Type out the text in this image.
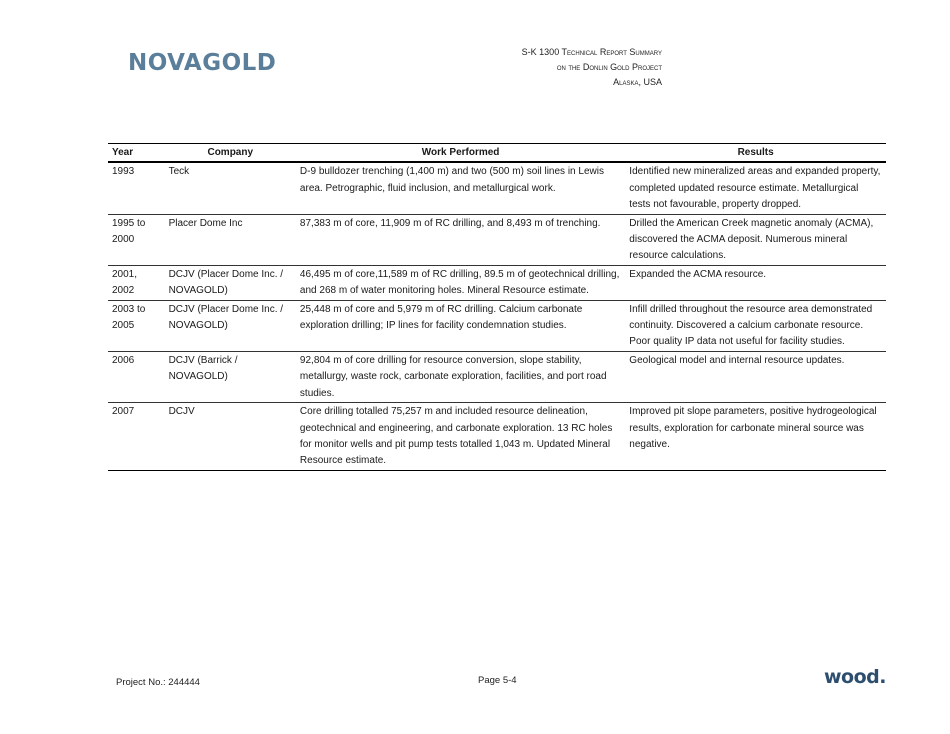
NOVAGOLD	S-K 1300 Technical Report Summary
on the Donlin Gold Project
Alaska, USA
Year	Company	Work Performed	Results
1993	Teck	D-9 bulldozer trenching (1,400 m) and two (500 m) soil lines in Lewis area. Petrographic, fluid inclusion, and metallurgical work.	Identified new mineralized areas and expanded property, completed updated resource estimate. Metallurgical tests not favourable, property dropped.
1995 to 2000	Placer Dome Inc	87,383 m of core, 11,909 m of RC drilling, and 8,493 m of trenching.	Drilled the American Creek magnetic anomaly (ACMA), discovered the ACMA deposit. Numerous mineral resource calculations.
2001, 2002	DCJV (Placer Dome Inc. / NOVAGOLD)	46,495 m of core,11,589 m of RC drilling, 89.5 m of geotechnical drilling, and 268 m of water monitoring holes. Mineral Resource estimate.	Expanded the ACMA resource.
2003 to 2005	DCJV (Placer Dome Inc. / NOVAGOLD)	25,448 m of core and 5,979 m of RC drilling. Calcium carbonate exploration drilling; IP lines for facility condemnation studies.	Infill drilled throughout the resource area demonstrated continuity. Discovered a calcium carbonate resource. Poor quality IP data not useful for facility studies.
2006	DCJV (Barrick / NOVAGOLD)	92,804 m of core drilling for resource conversion, slope stability, metallurgy, waste rock, carbonate exploration, facilities, and port road studies.	Geological model and internal resource updates.
2007	DCJV	Core drilling totalled 75,257 m and included resource delineation, geotechnical and engineering, and carbonate exploration. 13 RC holes for monitor wells and pit pump tests totalled 1,043 m. Updated Mineral Resource estimate.	Improved pit slope parameters, positive hydrogeological results, exploration for carbonate mineral source was negative.
Project No.: 244444	Page 5-4	wood.
